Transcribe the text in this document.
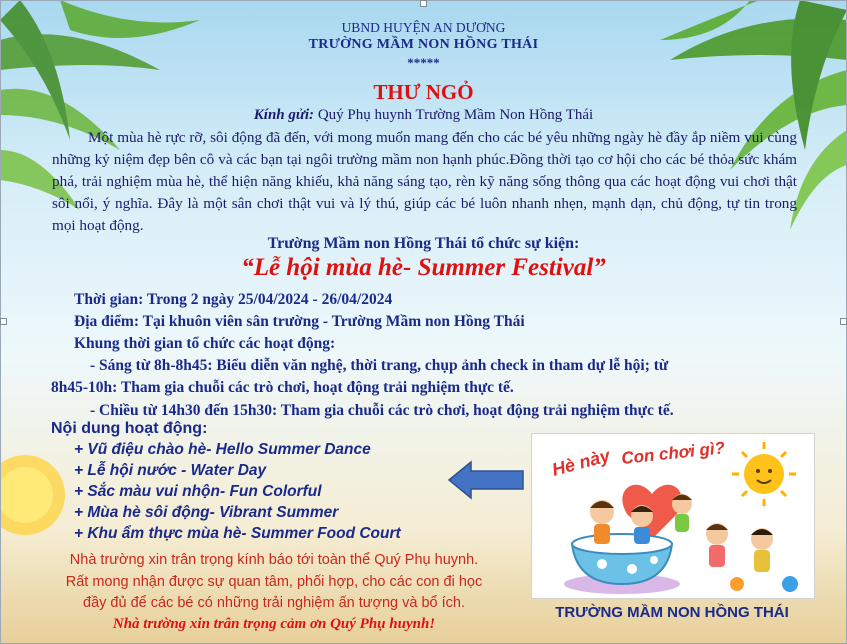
UBND HUYỆN AN DƯƠNG
TRƯỜNG MẦM NON HỒNG THÁI
*****
THƯ NGỎ
Kính gửi: Quý Phụ huynh Trường Mầm Non Hồng Thái
Một mùa hè rực rỡ, sôi động đã đến, với mong muốn mang đến cho các bé yêu những ngày hè đầy ắp niềm vui cùng những kỷ niệm đẹp bên cô và các bạn tại ngôi trường mầm non hạnh phúc.Đồng thời tạo cơ hội cho các bé thỏa sức khám phá, trải nghiệm mùa hè, thể hiện năng khiếu, khả năng sáng tạo, rèn kỹ năng sống thông qua các hoạt động vui chơi thật sôi nổi, ý nghĩa. Đây là một sân chơi thật vui và lý thú, giúp các bé luôn nhanh nhẹn, mạnh dạn, chủ động, tự tin trong mọi hoạt động.
Trường Mầm non Hồng Thái tổ chức sự kiện:
“Lễ hội mùa hè- Summer Festival”
Thời gian: Trong 2 ngày 25/04/2024 - 26/04/2024
Địa điểm: Tại khuôn viên sân trường - Trường Mầm non Hồng Thái
Khung thời gian tổ chức các hoạt động:
- Sáng từ 8h-8h45: Biểu diễn văn nghệ, thời trang, chụp ảnh check in tham dự lễ hội; từ
8h45-10h: Tham gia chuỗi các trò chơi, hoạt động trải nghiệm thực tế.
- Chiều từ 14h30 đến 15h30: Tham gia chuỗi các trò chơi, hoạt động trải nghiệm thực tế.
Nội dung hoạt động:
+ Vũ điệu chào hè- Hello Summer Dance
+ Lễ hội nước - Water Day
+ Sắc màu vui nhộn- Fun Colorful
+ Mùa hè sôi động- Vibrant Summer
+ Khu ẩm thực mùa hè- Summer Food Court
Nhà trường xin trân trọng kính báo tới toàn thể Quý Phụ huynh.
Rất mong nhận được sự quan tâm, phối hợp, cho các con đi học
đầy đủ để các bé có những trải nghiệm ấn tượng và bổ ích.
Nhà trường xin trân trọng cảm ơn Quý Phụ huynh!
Hè này Con chơi gì?
TRƯỜNG MẦM NON HỒNG THÁI
